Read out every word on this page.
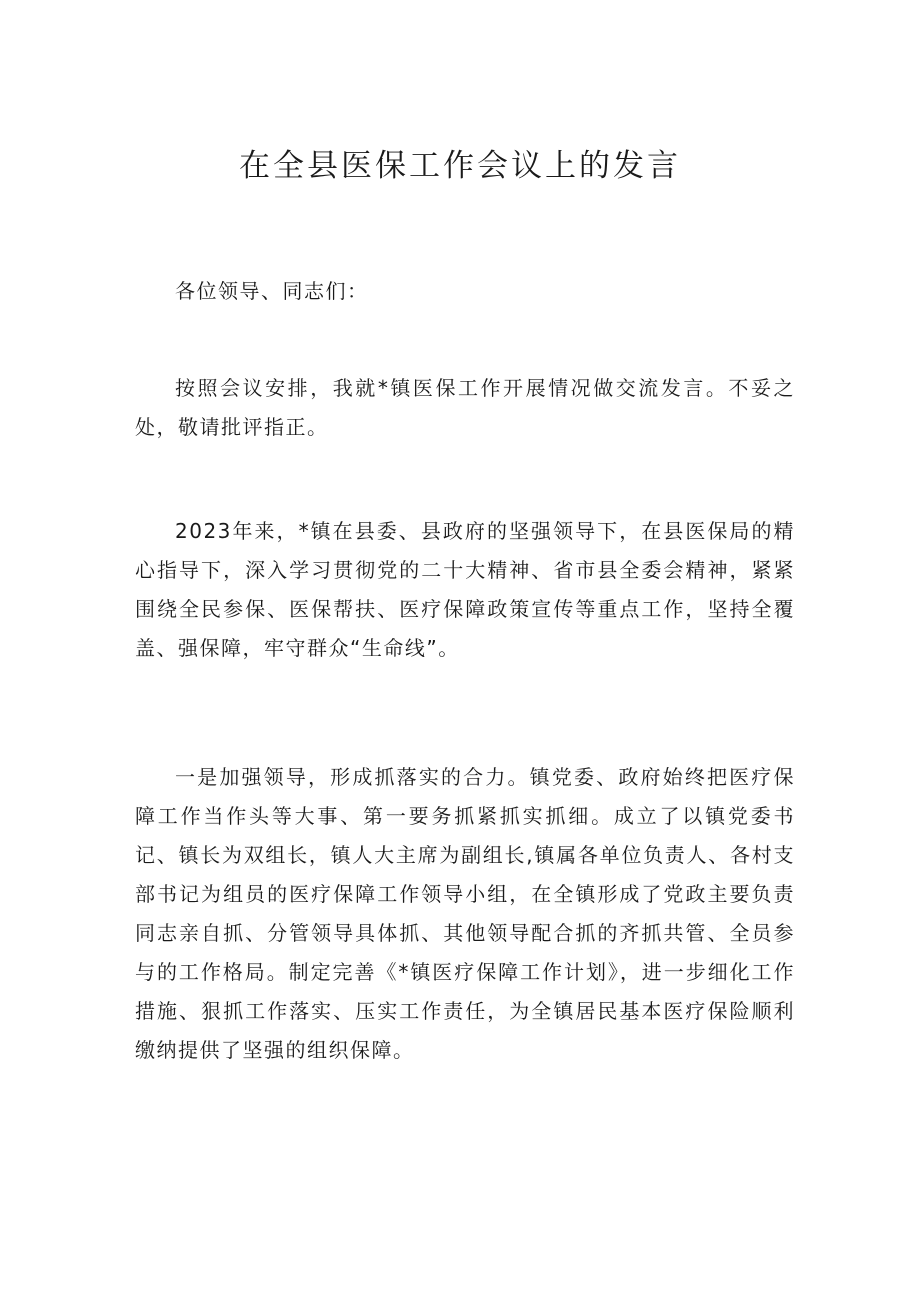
在全县医保工作会议上的发言

各位领导、同志们：

按照会议安排，我就*镇医保工作开展情况做交流发言。不妥之处，敬请批评指正。

2023年来，*镇在县委、县政府的坚强领导下，在县医保局的精心指导下，深入学习贯彻党的二十大精神、省市县全委会精神，紧紧围绕全民参保、医保帮扶、医疗保障政策宣传等重点工作，坚持全覆盖、强保障，牢守群众“生命线”。

一是加强领导，形成抓落实的合力。镇党委、政府始终把医疗保障工作当作头等大事、第一要务抓紧抓实抓细。成立了以镇党委书记、镇长为双组长，镇人大主席为副组长,镇属各单位负责人、各村支部书记为组员的医疗保障工作领导小组，在全镇形成了党政主要负责同志亲自抓、分管领导具体抓、其他领导配合抓的齐抓共管、全员参与的工作格局。制定完善《*镇医疗保障工作计划》，进一步细化工作措施、狠抓工作落实、压实工作责任，为全镇居民基本医疗保险顺利缴纳提供了坚强的组织保障。
